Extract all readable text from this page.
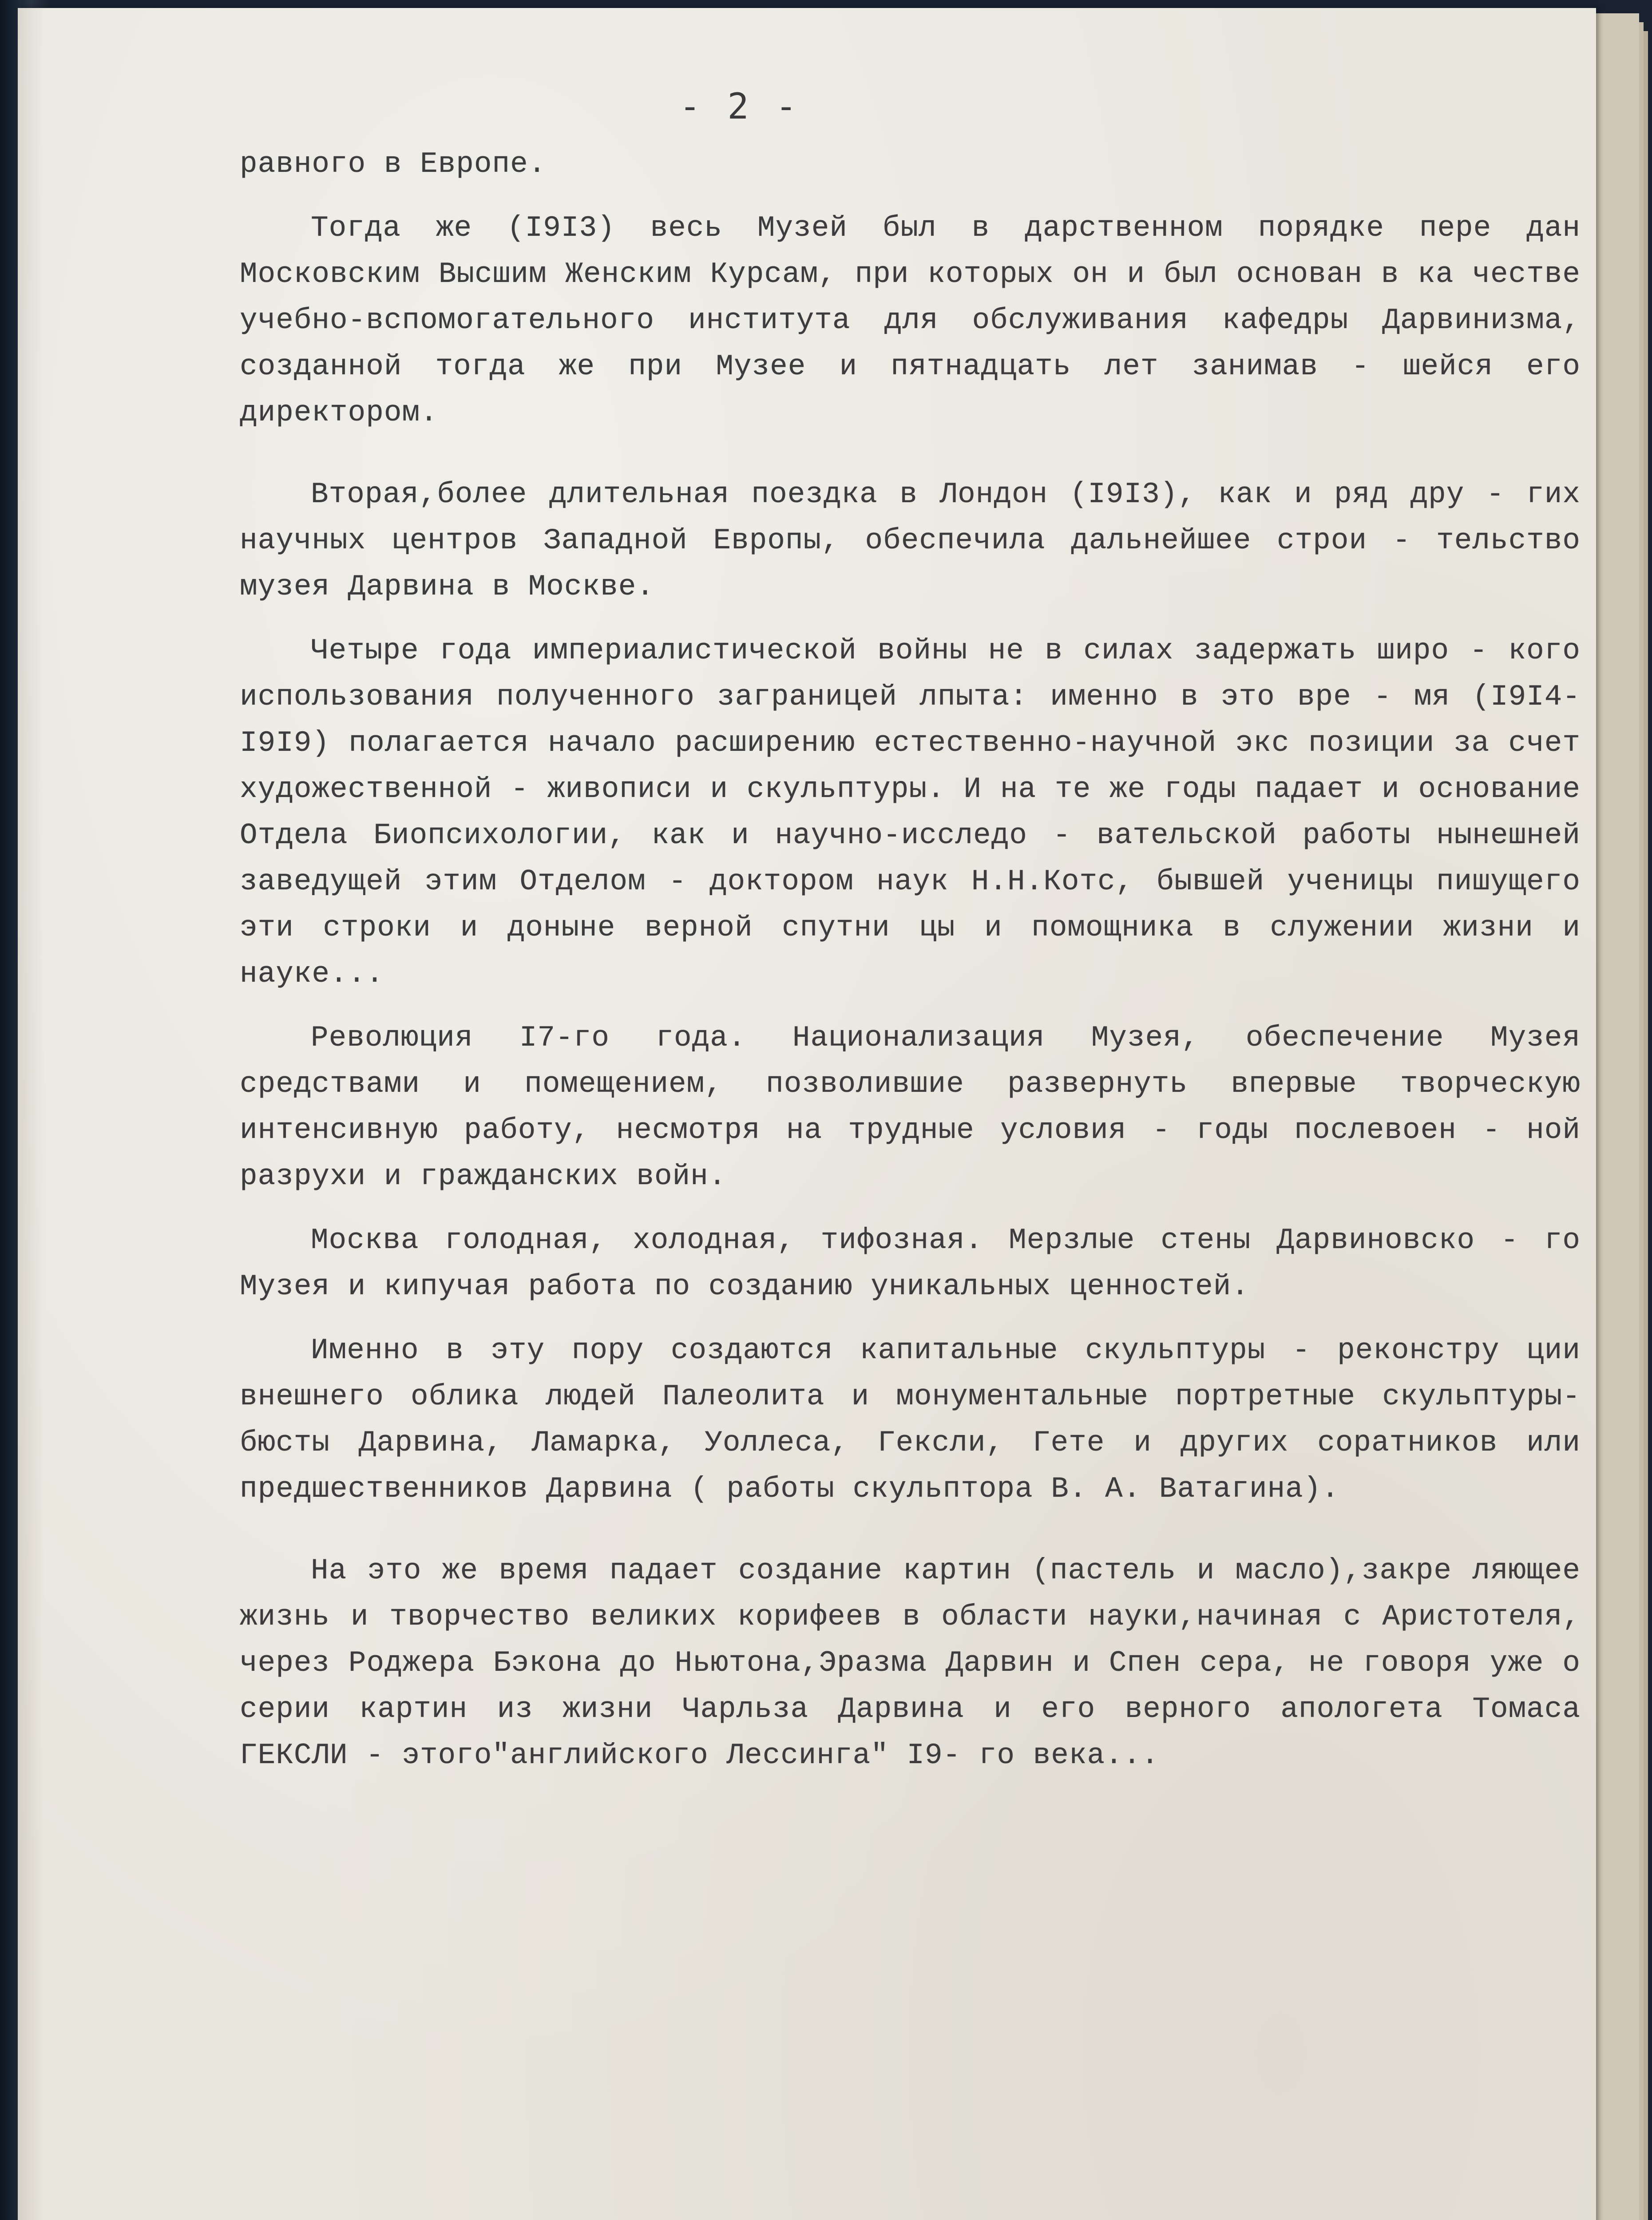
- 2 -

равного в Европе.

Тогда же (I9I3) весь Музей был в дарственном порядке пере дан Московским Высшим Женским Курсам, при которых он и был основан в ка честве учебно-вспомогательного института для обслуживания кафедры Дарвинизма, созданной тогда же при Музее и пятнадцать лет занимав - шейся его директором.

Вторая,более длительная поездка в Лондон (I9I3), как и ряд дру - гих научных центров Западной Европы, обеспечила дальнейшее строи - тельство музея Дарвина в Москве.

Четыре года империалистической войны не в силах задержать широ - кого использования полученного заграницей лпыта: именно в это вре - мя (I9I4-I9I9) полагается начало расширению естественно-научной экс позиции за счет художественной - живописи и скульптуры. И на те же годы падает и основание Отдела Биопсихологии, как и научно-исследо - вательской работы нынешней заведущей этим Отделом - доктором наук Н.Н.Котс, бывшей ученицы пишущего эти строки и доныне верной спутни цы и помощника в служении жизни и науке...

Революция I7-го года. Национализация Музея, обеспечение Музея средствами и помещением, позволившие развернуть впервые творческую интенсивную работу, несмотря на трудные условия - годы послевоен - ной разрухи и гражданских войн.

Москва голодная, холодная, тифозная. Мерзлые стены Дарвиновско - го Музея и кипучая работа по созданию уникальных ценностей.

Именно в эту пору создаются капитальные скульптуры - реконстру ции внешнего облика людей Палеолита и монументальные портретные скульптуры-бюсты Дарвина, Ламарка, Уоллеса, Гексли, Гете и других соратников или предшественников Дарвина ( работы скульптора В. А. Ватагина).

На это же время падает создание картин (пастель и масло),закре ляющее жизнь и творчество великих корифеев в области науки,начиная с Аристотеля, через Роджера Бэкона до Ньютона,Эразма Дарвин и Спен сера, не говоря уже о серии картин из жизни Чарльза Дарвина и его верного апологета Томаса ГЕКСЛИ - этого"английского Лессинга" I9- го века...
